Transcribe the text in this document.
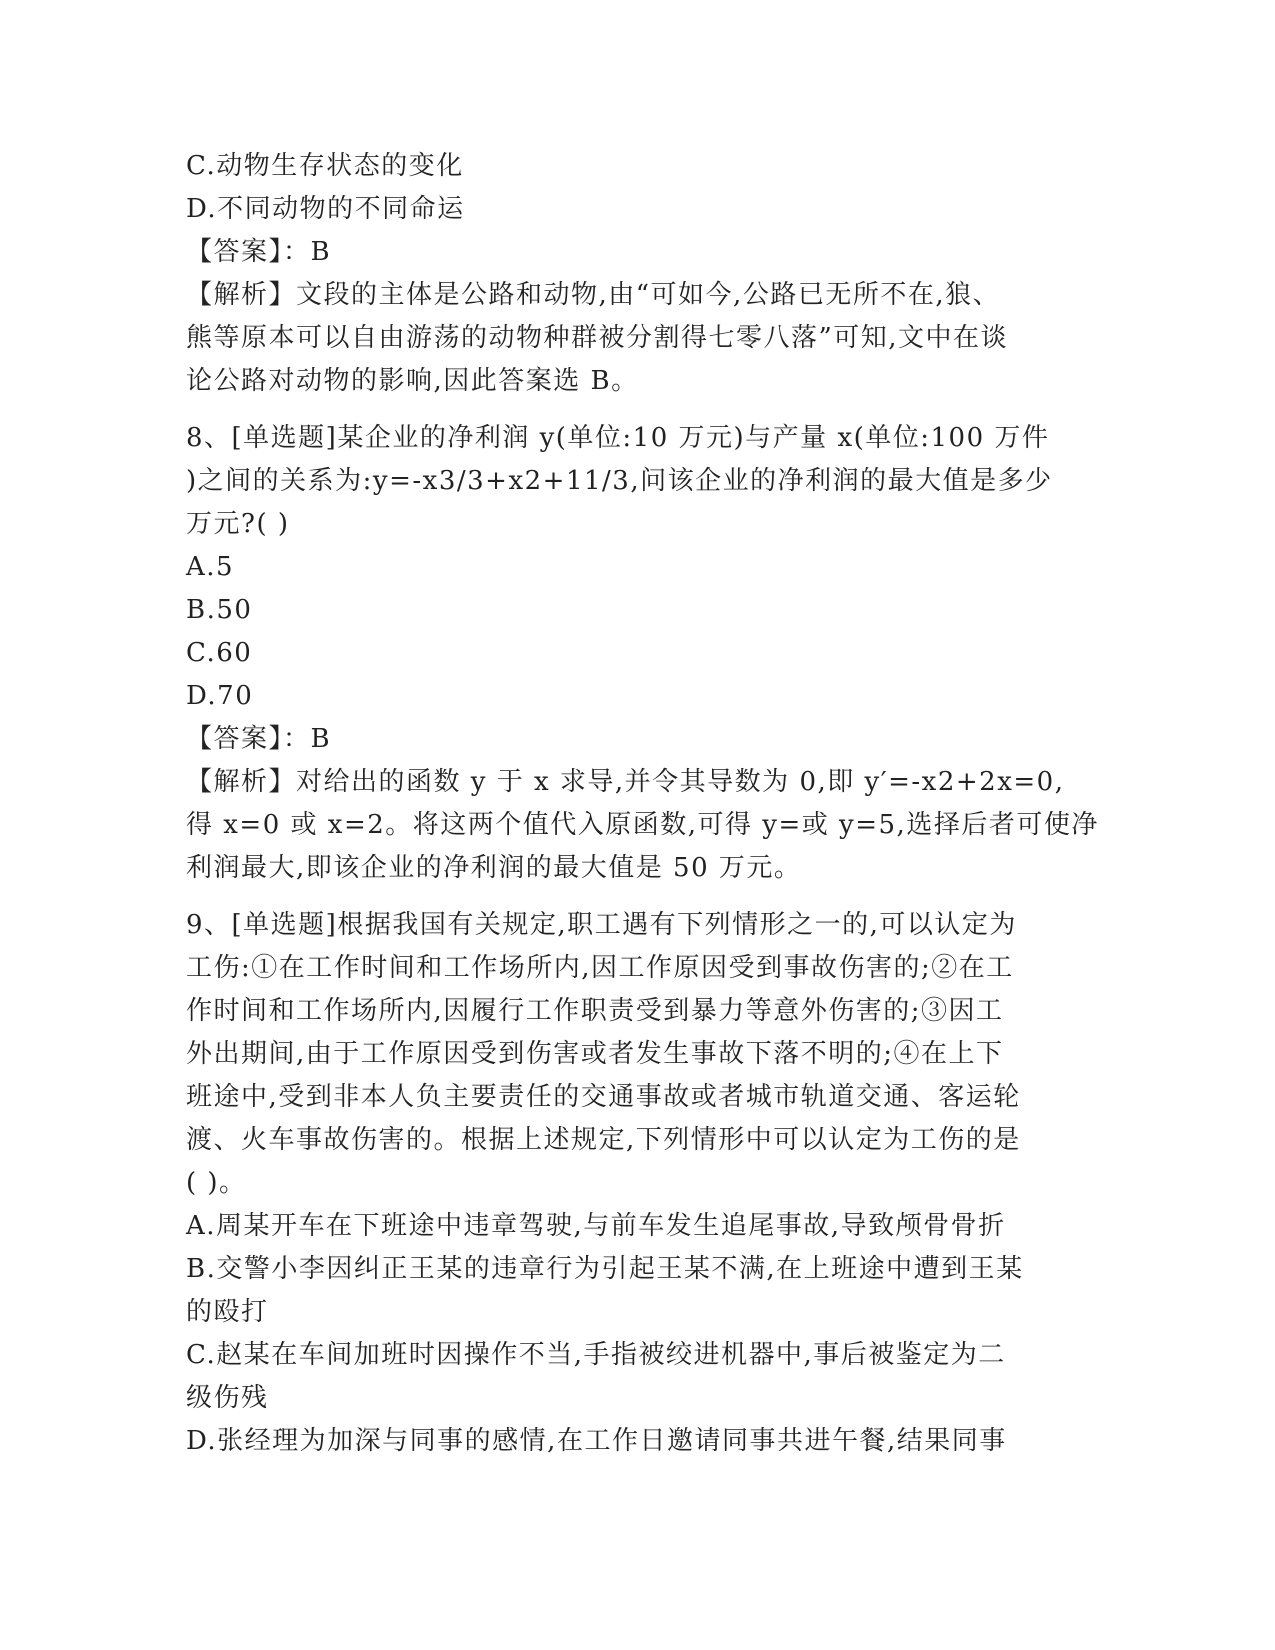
C.动物生存状态的变化
D.不同动物的不同命运
【答案】：B
【解析】文段的主体是公路和动物,由“可如今,公路已无所不在,狼、
熊等原本可以自由游荡的动物种群被分割得七零八落”可知,文中在谈
论公路对动物的影响,因此答案选 B。
8、[单选题]某企业的净利润 y(单位:10 万元)与产量 x(单位:100 万件
)之间的关系为:y=-x3/3+x2+11/3,问该企业的净利润的最大值是多少
万元?( )
A.5
B.50
C.60
D.70
【答案】：B
【解析】对给出的函数 y 于 x 求导,并令其导数为 0,即 y′=-x2+2x=0,
得 x=0 或 x=2。将这两个值代入原函数,可得 y=或 y=5,选择后者可使净
利润最大,即该企业的净利润的最大值是 50 万元。
9、[单选题]根据我国有关规定,职工遇有下列情形之一的,可以认定为
工伤:①在工作时间和工作场所内,因工作原因受到事故伤害的;②在工
作时间和工作场所内,因履行工作职责受到暴力等意外伤害的;③因工
外出期间,由于工作原因受到伤害或者发生事故下落不明的;④在上下
班途中,受到非本人负主要责任的交通事故或者城市轨道交通、客运轮
渡、火车事故伤害的。根据上述规定,下列情形中可以认定为工伤的是
( )。
A.周某开车在下班途中违章驾驶,与前车发生追尾事故,导致颅骨骨折
B.交警小李因纠正王某的违章行为引起王某不满,在上班途中遭到王某
的殴打
C.赵某在车间加班时因操作不当,手指被绞进机器中,事后被鉴定为二
级伤残
D.张经理为加深与同事的感情,在工作日邀请同事共进午餐,结果同事
